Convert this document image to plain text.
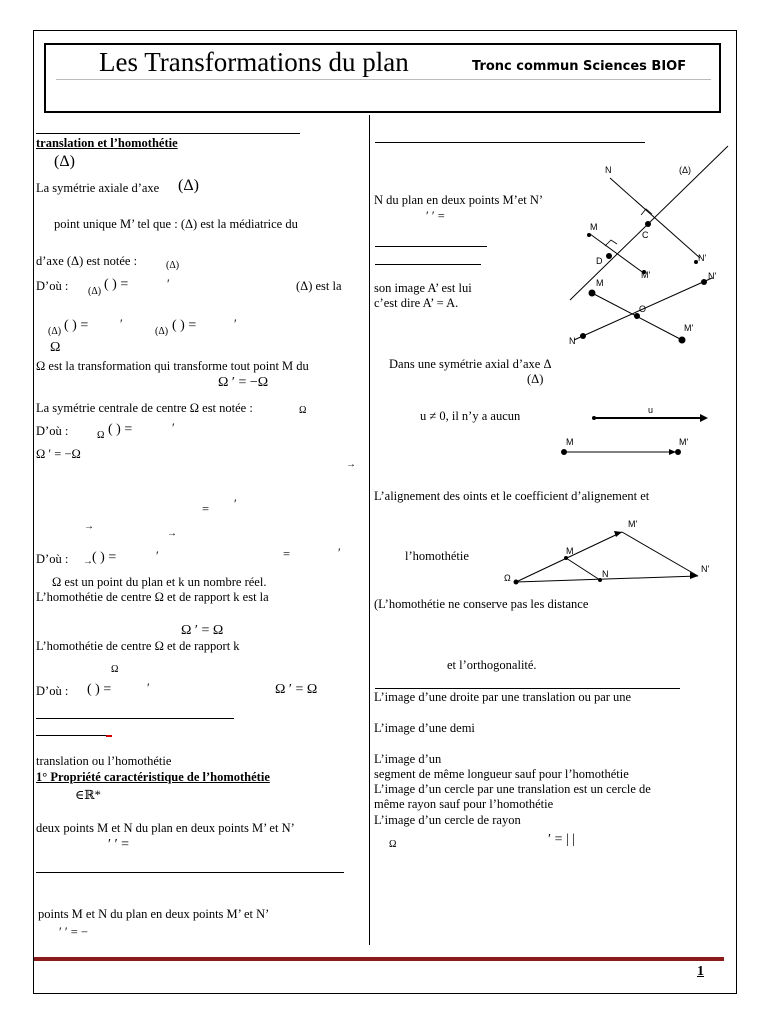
Les Transformations du plan	Tronc commun Sciences BIOF
translation et l’homothétie
(Δ)
La symétrie axiale d’axe (Δ)
point unique M’ tel que : (Δ) est la médiatrice du
d’axe (Δ) est notée :	(Δ)
D’où : (Δ) ( ) =	′	(Δ) est la
(Δ) ( ) =	′
(Δ) ( ) =	′
Ω
Ω est la transformation qui transforme tout point M du
Ω ′ = −Ω
La symétrie centrale de centre Ω est notée :	Ω
D’où :	Ω ( ) =	′
Ω ′ = −Ω
→
= ′
→
→
D’où : → ( ) =	′	=	′
Ω est un point du plan et k un nombre réel.
L’homothétie de centre Ω et de rapport k est la
Ω ′ = Ω
L’homothétie de centre Ω et de rapport k
Ω
D’où : ( ) =	′	Ω ′ = Ω
translation ou l’homothétie
1° Propriété caractéristique de l’homothétie
∈ℝ*
deux points M et N du plan en deux points M’ et N’
′ ′ =
points M et N du plan en deux points M’ et N’
′ ′ = −
N du plan en deux points M’et N’
′ ′ =
son image A’ est lui
c’est dire A’ = A.
Dans une symétrie axial d’axe Δ
(Δ)
u ≠ 0, il n’y a aucun
L’alignement des oints et le coefficient d’alignement et
l’homothétie
(L’homothétie ne conserve pas les distance
et l’orthogonalité.
L’image d’une droite par une translation ou par une
L’image d’une demi
L’image d’un
segment de même longueur sauf pour l’homothétie
L’image d’un cercle par une translation est un cercle de
même rayon sauf pour l’homothétie
L’image d’un cercle de rayon
Ω	′ = | |
N	(Δ)
M
C
N'
D
M'	N'
M
O
M'
N
u
M	M'
M'
M
N	N'
Ω
1
